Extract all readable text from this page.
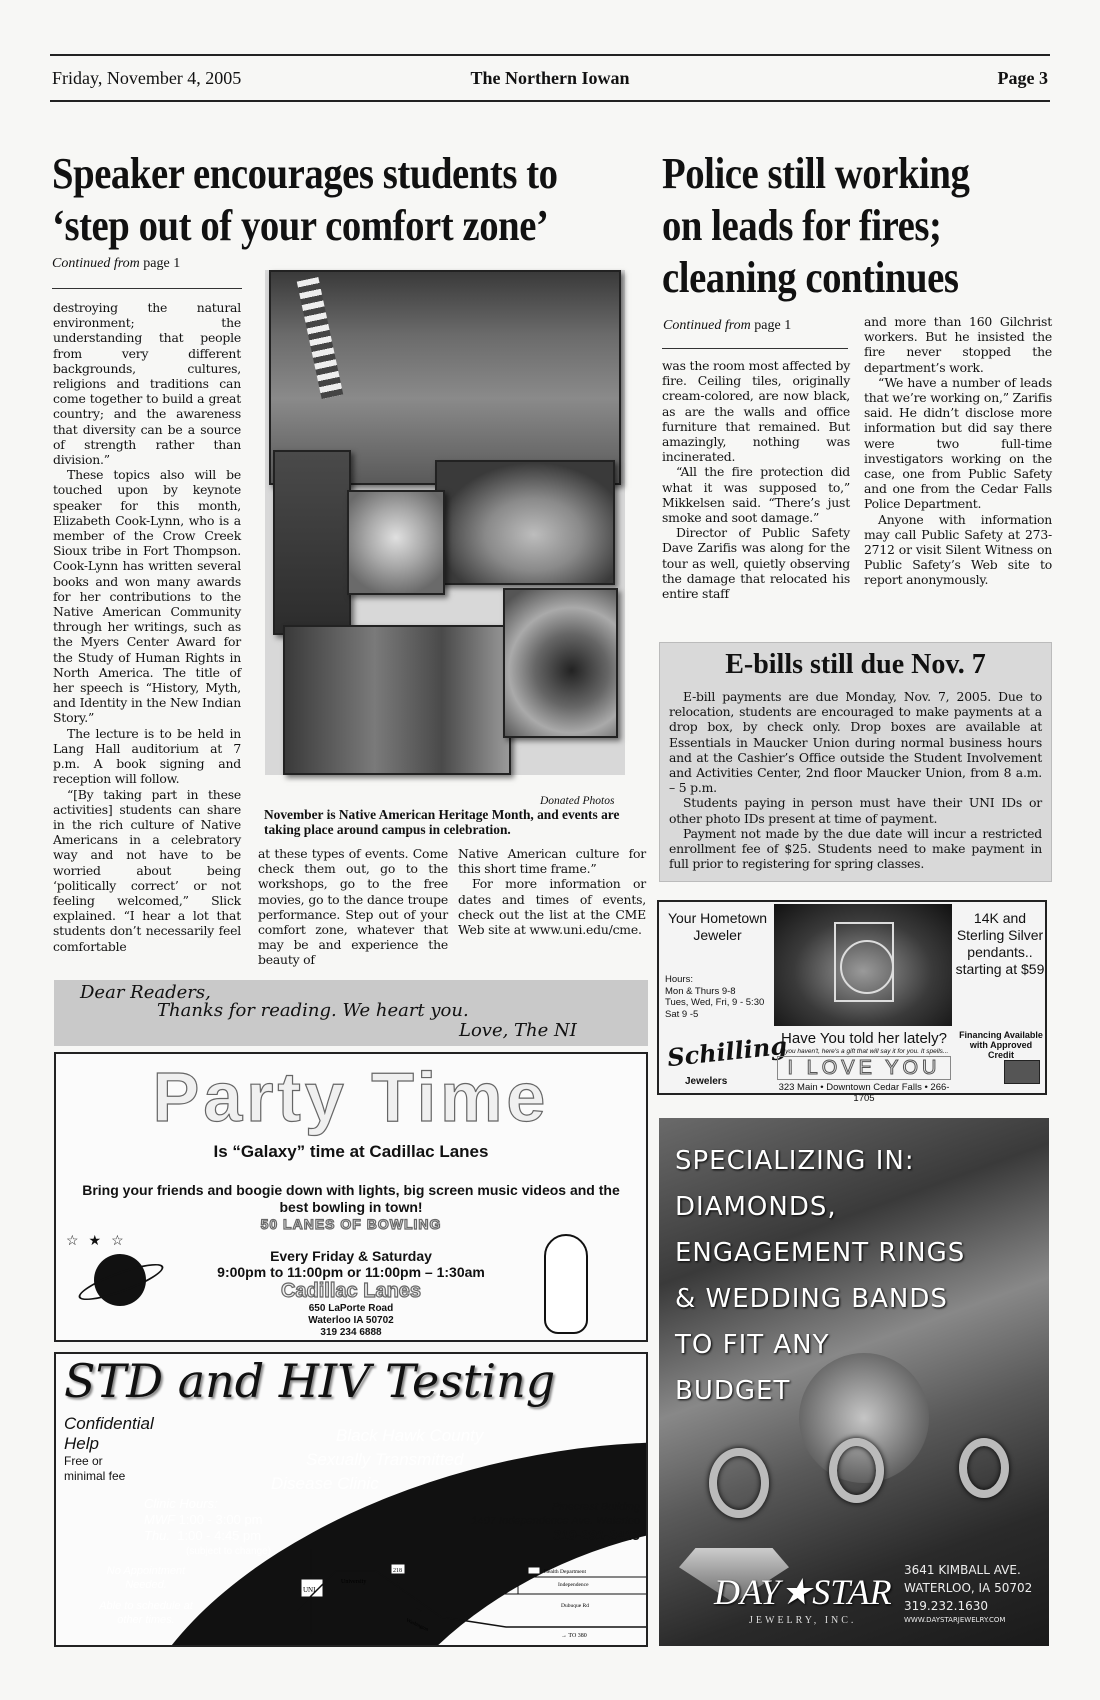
Friday, November 4, 2005	The Northern Iowan	Page 3
Speaker encourages students to
‘step out of your comfort zone’
Continued from page 1

destroying the natural environment; the understanding that people from very different backgrounds, cultures, religions and traditions can come together to build a great country; and the awareness that diversity can be a source of strength rather than division.”

These topics also will be touched upon by keynote speaker for this month, Elizabeth Cook-Lynn, who is a member of the Crow Creek Sioux tribe in Fort Thompson. Cook-Lynn has written several books and won many awards for her contributions to the Native American Community through her writings, such as the Myers Center Award for the Study of Human Rights in North America. The title of her speech is “History, Myth, and Identity in the New Indian Story.”

The lecture is to be held in Lang Hall auditorium at 7 p.m. A book signing and reception will follow.

“[By taking part in these activities] students can share in the rich culture of Native Americans in a celebratory way and not have to be worried about being ‘politically correct’ or not feeling welcomed,” Slick explained. “I hear a lot that students don’t necessarily feel comfortable

Donated Photos
November is Native American Heritage Month, and events are taking place around campus in celebration.

at these types of events. Come check them out, go to the workshops, go to the free movies, go to the dance troupe performance. Step out of your comfort zone, whatever that may be and experience the beauty of

Native American culture for this short time frame.”

For more information or dates and times of events, check out the list at the CME Web site at www.uni.edu/cme.

Police still working
on leads for fires;
cleaning continues
Continued from page 1

was the room most affected by fire. Ceiling tiles, originally cream-colored, are now black, as are the walls and office furniture that remained. But amazingly, nothing was incinerated.

“All the fire protection did what it was supposed to,” Mikkelsen said. “There’s just smoke and soot damage.”

Director of Public Safety Dave Zarifis was along for the tour as well, quietly observing the damage that relocated his entire staff

and more than 160 Gilchrist workers. But he insisted the fire never stopped the department’s work.

“We have a number of leads that we’re working on,” Zarifis said. He didn’t disclose more information but did say there were two full-time investigators working on the case, one from Public Safety and one from the Cedar Falls Police Department.

Anyone with information may call Public Safety at 273-2712 or visit Silent Witness on Public Safety’s Web site to report anonymously.

E-bills still due Nov. 7

E-bill payments are due Monday, Nov. 7, 2005. Due to relocation, students are encouraged to make payments at a drop box, by check only. Drop boxes are available at Essentials in Maucker Union during normal business hours and at the Cashier’s Office outside the Student Involvement and Activities Center, 2nd floor Maucker Union, from 8 a.m. – 5 p.m.

Students paying in person must have their UNI IDs or other photo IDs present at time of payment.

Payment not made by the due date will incur a restricted enrollment fee of $25. Students need to make payment in full prior to registering for spring classes.

Your Hometown Jeweler
Hours:
Mon & Thurs 9-8
Tues, Wed, Fri, 9 - 5:30
Sat 9 -5
Schilling
Jewelers
14K and Sterling Silver pendants.. starting at $59
Financing Available with Approved Credit
Have You told her lately?
If you haven't, here's a gift that will say it for you. It spells...
I LOVE YOU
323 Main • Downtown Cedar Falls • 266-1705
Dear Readers,
Thanks for reading. We heart you.
Love, The NI
Party Time
Is “Galaxy” time at Cadillac Lanes
Bring your friends and boogie down with lights, big screen music videos and the best bowling in town!
50 LANES OF BOWLING
Every Friday & Saturday
9:00pm to 11:00pm or 11:00pm – 1:30am
Cadillac Lanes
650 LaPorte Road
Waterloo IA 50702
319 234 6888
☆★☆
STD and HIV Testing
Confidential
Help
Free or minimal fee
Black Hawk County
Sexually Transmitted
Disease Clinic
Clinic Hours:
MWF 1:00 - 3:00 pm
Thu. 1:00 - 4:45 pm
(subject to change)
No Appointment Needed.
Able to schedule at other times.
Pinecrest Building
1407 Independence Ave. Waterloo
319-291-2413
UNI
University
218	Health Department
Independence
Dubuque Rd
→ TO 380
Washington
SPECIALIZING IN:
DIAMONDS,
ENGAGEMENT RINGS
& WEDDING BANDS
TO FIT ANY
BUDGET
DAY★STAR
JEWELRY, INC.
3641 KIMBALL AVE.
WATERLOO, IA 50702
319.232.1630
WWW.DAYSTARJEWELRY.COM
